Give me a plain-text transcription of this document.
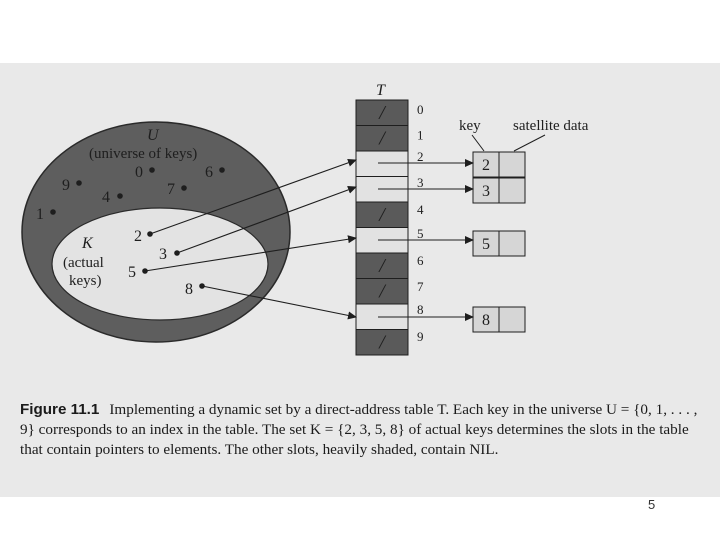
U
(universe of keys)
9
1
4
0
7
6
K
(actual
keys)
2
3
5
8
T
/ 0
/ 1
2
3
/ 4
5
/ 6
/ 7
8
/ 9
key satellite data
2
3
5
8
Figure 11.1 Implementing a dynamic set by a direct-address table T. Each key in the universe U = {0, 1, . . . , 9} corresponds to an index in the table. The set K = {2, 3, 5, 8} of actual keys determines the slots in the table that contain pointers to elements. The other slots, heavily shaded, contain NIL.
5
